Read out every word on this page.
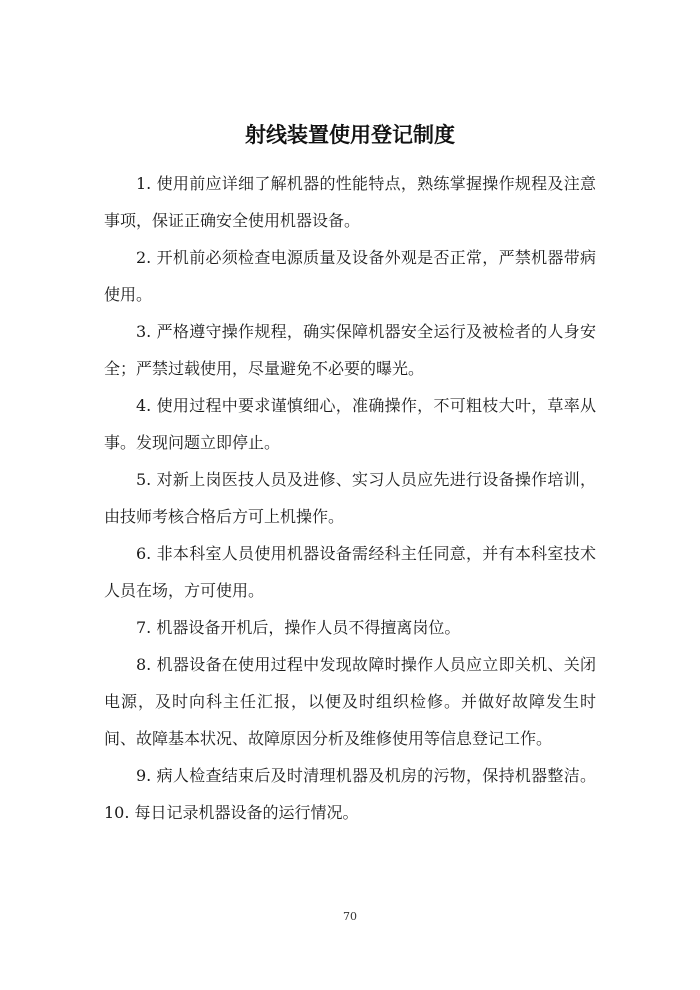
射线装置使用登记制度

1. 使用前应详细了解机器的性能特点，熟练掌握操作规程及注意事项，保证正确安全使用机器设备。

2. 开机前必须检查电源质量及设备外观是否正常，严禁机器带病使用。

3. 严格遵守操作规程，确实保障机器安全运行及被检者的人身安全；严禁过载使用，尽量避免不必要的曝光。

4. 使用过程中要求谨慎细心，准确操作，不可粗枝大叶，草率从事。发现问题立即停止。

5. 对新上岗医技人员及进修、实习人员应先进行设备操作培训，由技师考核合格后方可上机操作。

6. 非本科室人员使用机器设备需经科主任同意，并有本科室技术人员在场，方可使用。

7. 机器设备开机后，操作人员不得擅离岗位。

8. 机器设备在使用过程中发现故障时操作人员应立即关机、关闭电源，及时向科主任汇报，以便及时组织检修。并做好故障发生时间、故障基本状况、故障原因分析及维修使用等信息登记工作。

9. 病人检查结束后及时清理机器及机房的污物，保持机器整洁。10. 每日记录机器设备的运行情况。

70
